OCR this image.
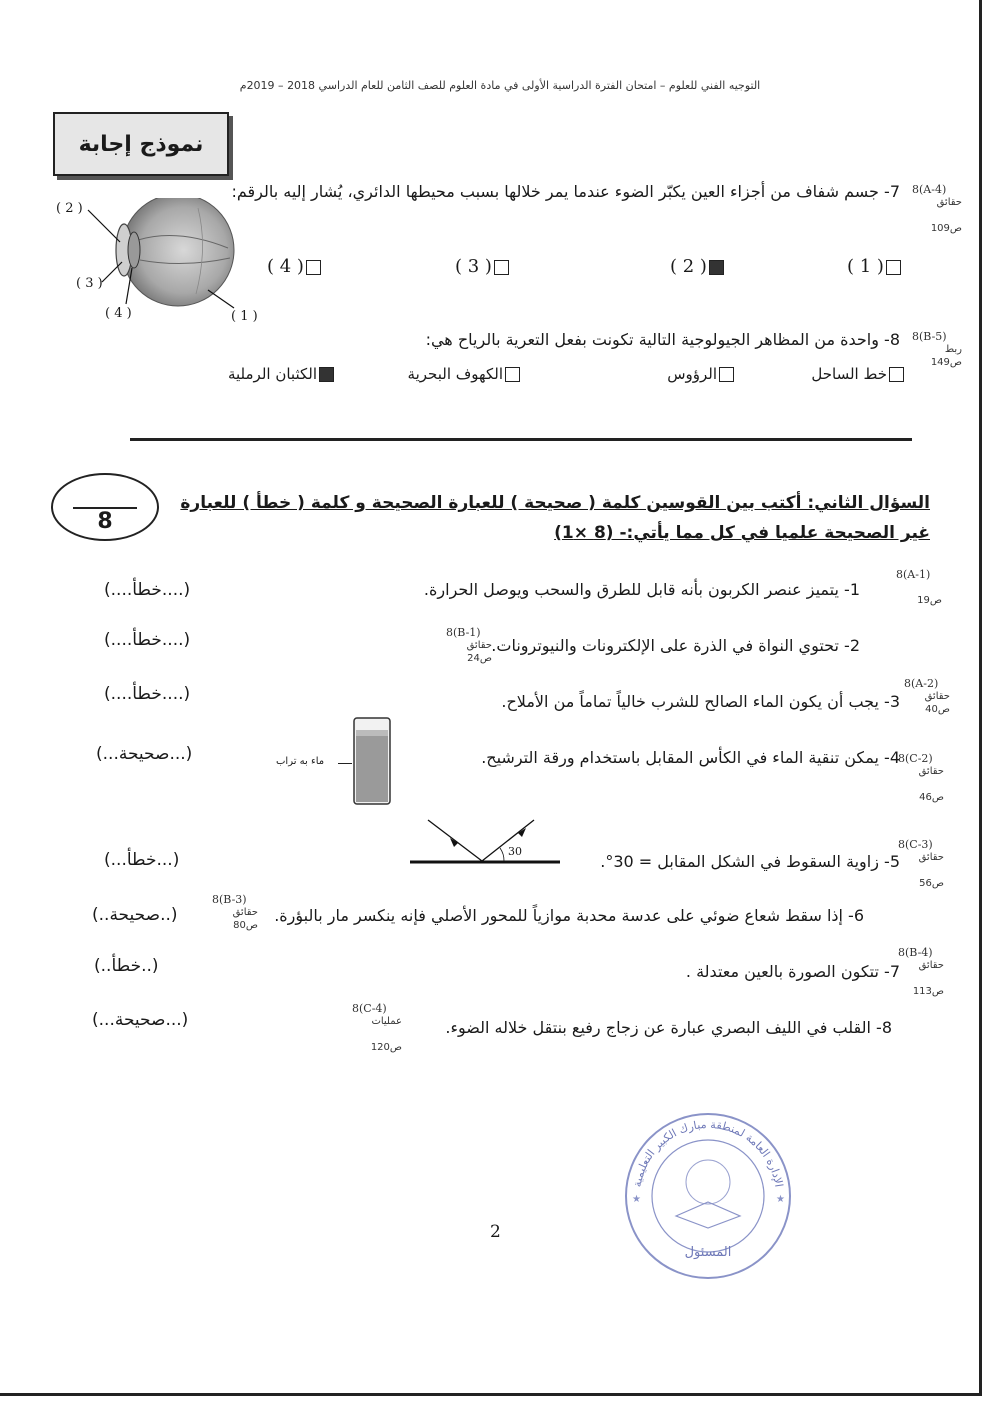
التوجيه الفني للعلوم – امتحان الفترة الدراسية الأولى في مادة العلوم للصف الثامن للعام الدراسي 2018 – 2019م
نموذج إجابة
8(A-4)
حقائق

ص109
7- جسم شفاف من أجزاء العين يكبّر الضوء عندما يمر خلالها بسبب محيطها الدائري، يُشار إليه بالرقم:
( 2 )
( 3 )
( 4 )	( 1 )
( 1 )
( 2 )
( 3 )
( 4 )
8(B-5)
ربط
ص149
8- واحدة من المظاهر الجيولوجية التالية تكونت بفعل التعرية بالرياح هي:
خط الساحل
الرؤوس
الكهوف البحرية
الكثبان الرملية
8
السؤال الثاني: أكتب بين القوسين كلمة ( صحيحة ) للعبارة الصحيحة و كلمة ( خطأ ) للعبارة
غير الصحيحة علميا في كل مما يأتي:- (8 ×1)
1- يتميز عنصر الكربون بأنه قابل للطرق والسحب ويوصل الحرارة.
8(A-1)

ص19
(....خطأ....)
2- تحتوي النواة في الذرة على الإلكترونات والنيوترونات.
8(B-1)
حقائق
ص24
(....خطأ....)
3- يجب أن يكون الماء الصالح للشرب خالياً تماماً من الأملاح.
8(A-2)
حقائق
ص40
(....خطأ....)
4- يمكن تنقية الماء في الكأس المقابل باستخدام ورقة الترشيح.
8(C-2)
حقائق

ص46
(...صحيحة...)	ماء به تراب
5- زاوية السقوط في الشكل المقابل = 30°.
8(C-3)
حقائق

ص56
(...خطأ...)	30
6- إذا سقط شعاع ضوئي على عدسة محدبة موازياً للمحور الأصلي فإنه ينكسر مار بالبؤرة.
8(B-3)
حقائق
ص80
(..صحيحة..)
7- تتكون الصورة بالعين معتدلة .
8(B-4)
حقائق

ص113
(..خطأ..)
8- القلب في الليف البصري عبارة عن زجاج رفيع بنتقل خلاله الضوء.
8(C-4)
عمليات

ص120
(...صحيحة...)
الإدارة العامة لمنطقة مبارك الكبير التعليمية
المسئول
★	★
2
